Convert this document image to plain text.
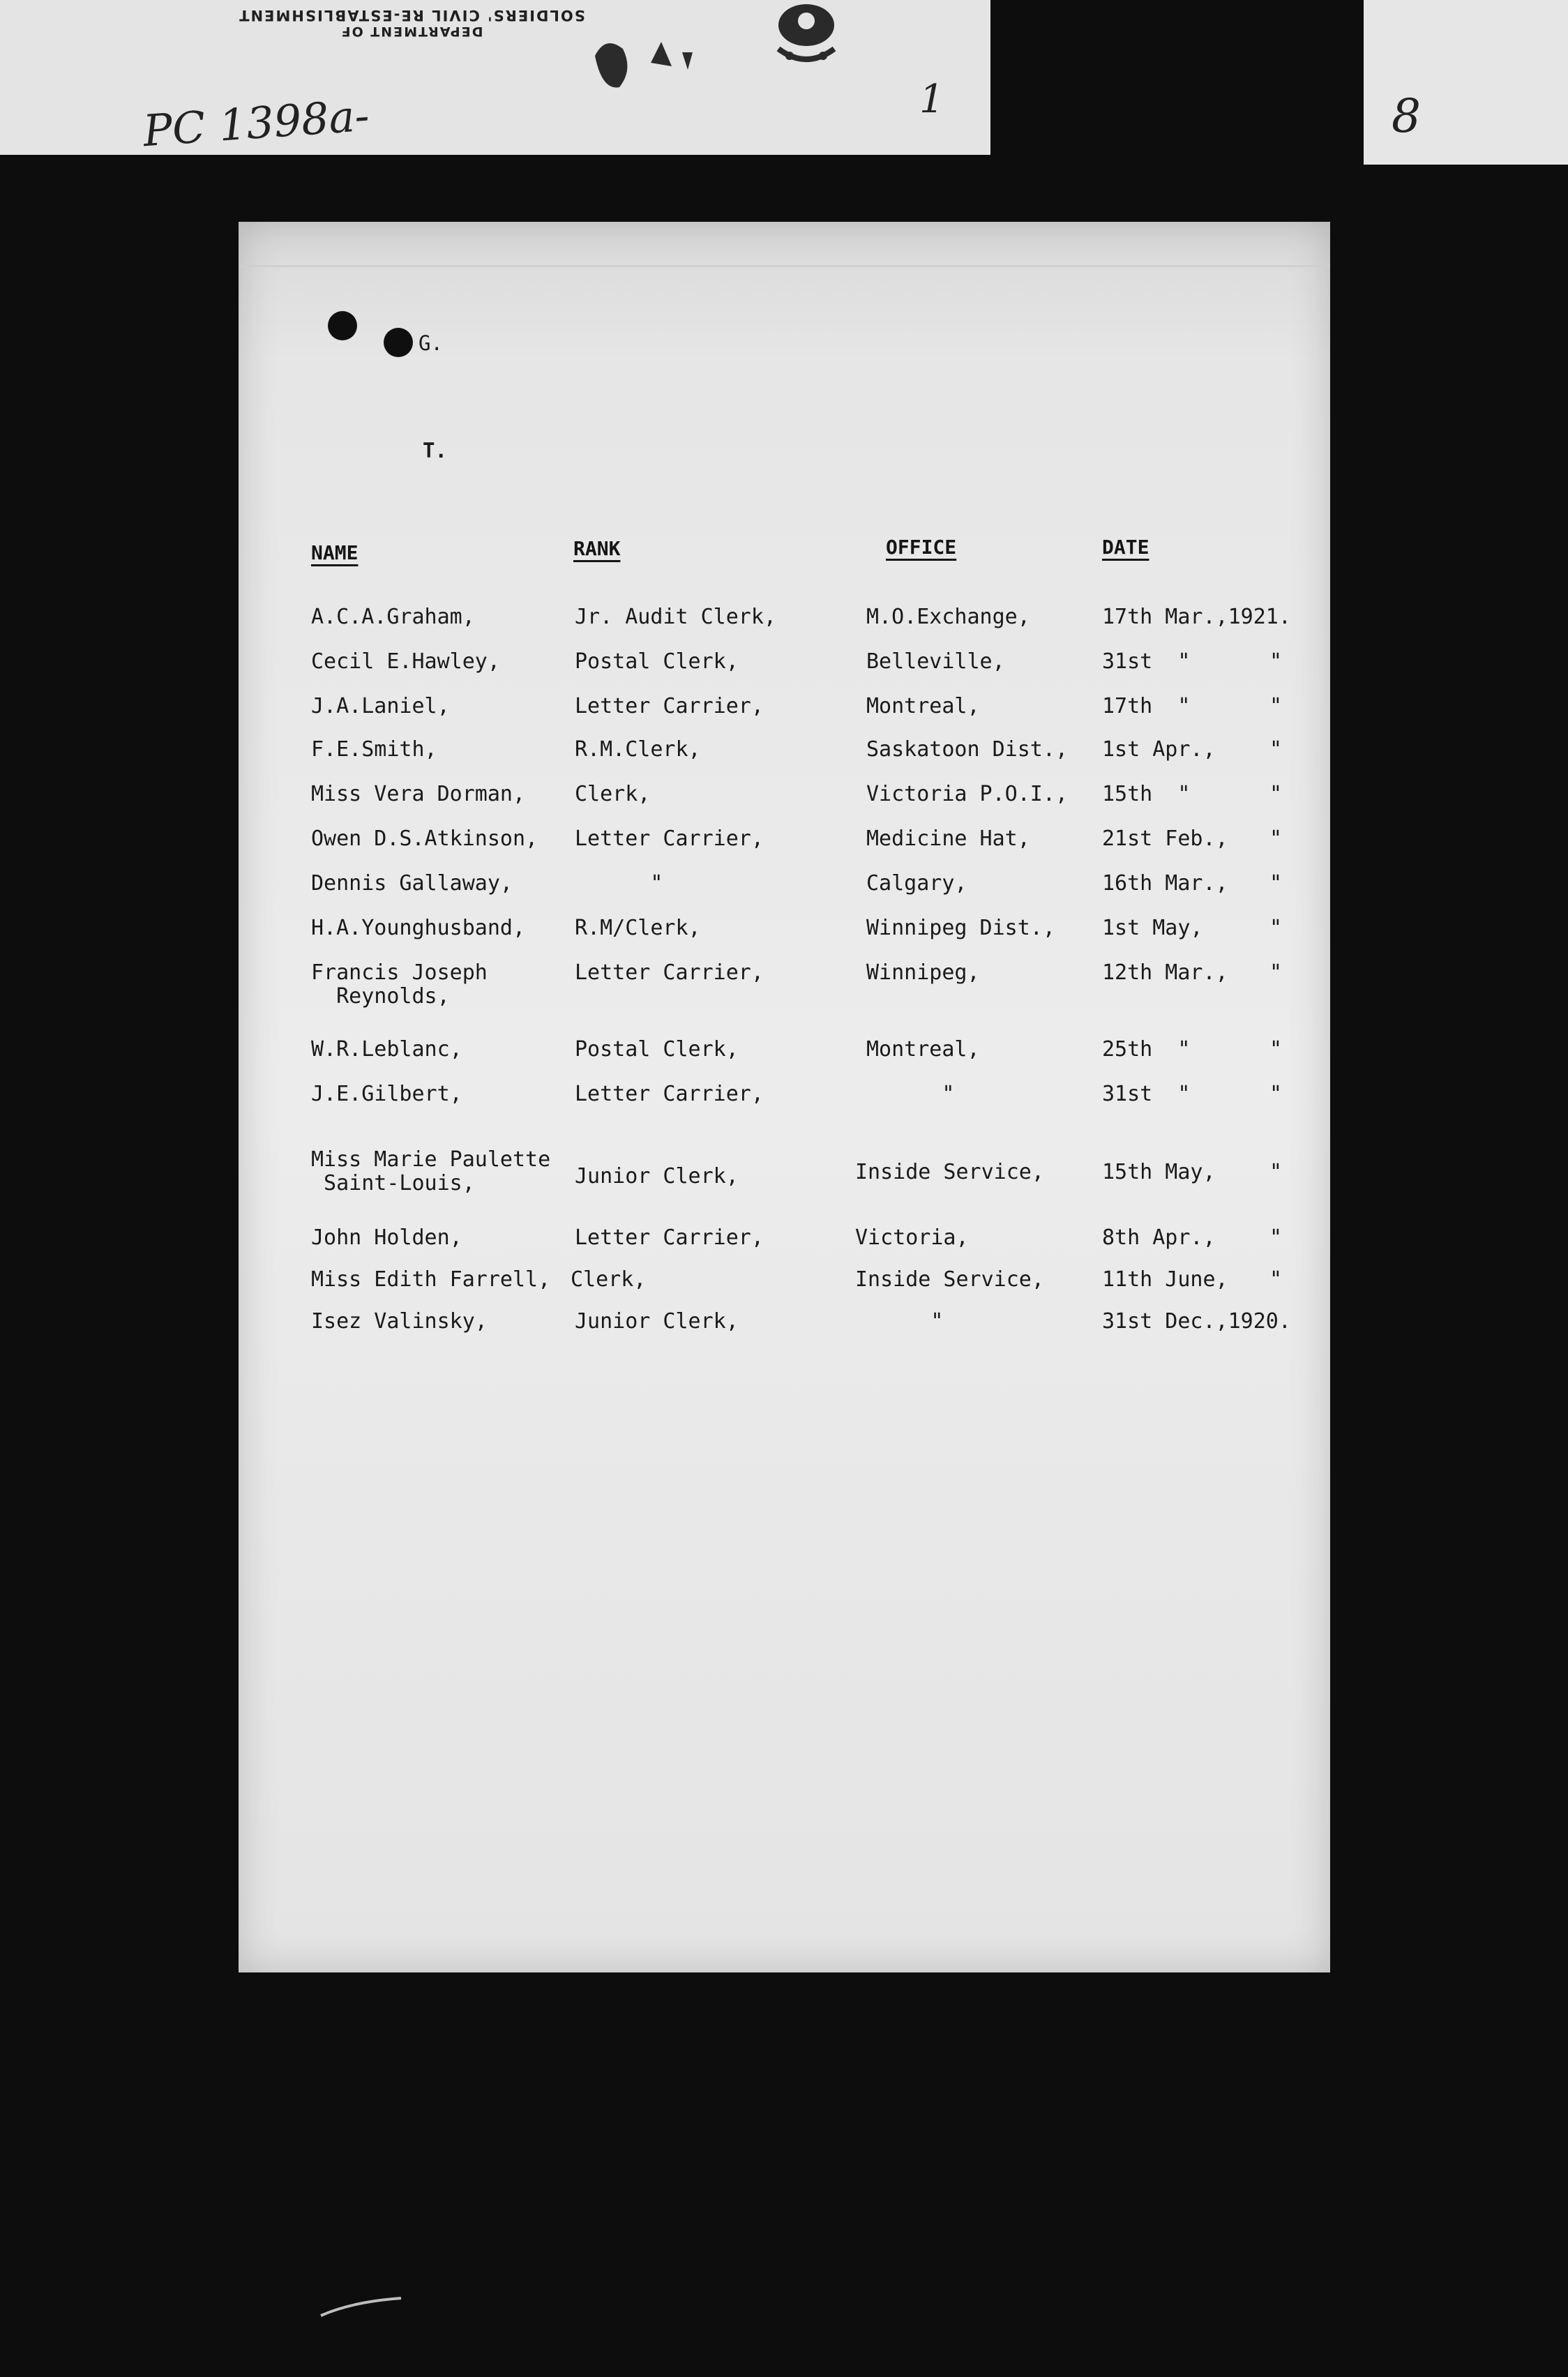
DEPARTMENT OF
SOLDIERS' CIVIL RE-ESTABLISHMENT
PC 1398a-	1	8
G.
T.
NAME	RANK	OFFICE	DATE
A.C.A.Graham,	Jr. Audit Clerk,	M.O.Exchange,	17th Mar.,1921.
Cecil E.Hawley,	Postal Clerk,	Belleville,	31st  "	"
J.A.Laniel,	Letter Carrier,	Montreal,	17th  "	"
F.E.Smith,	R.M.Clerk,	Saskatoon Dist., 1st Apr.,	"
Miss Vera Dorman,	Clerk,	Victoria P.O.I., 15th  "	"
Owen D.S.Atkinson,	Letter Carrier,	Medicine Hat,	21st Feb., "
Dennis Gallaway,	"	Calgary,	16th Mar., "
H.A.Younghusband,	R.M/Clerk,	Winnipeg Dist., 1st May,	"
Francis Joseph
Reynolds,
Letter Carrier,	Winnipeg,	12th Mar., "
W.R.Leblanc,	Postal Clerk,	Montreal,	25th  "	"
J.E.Gilbert,	Letter Carrier,	"	31st  "	"
Miss Marie Paulette
Saint-Louis,	Junior Clerk,	Inside Service,	15th May,	"
John Holden,	Letter Carrier,	Victoria,	8th Apr.,	"
Miss Edith Farrell, Clerk,	Inside Service,	11th June, "
Isez Valinsky,	Junior Clerk,	"	31st Dec.,1920.
